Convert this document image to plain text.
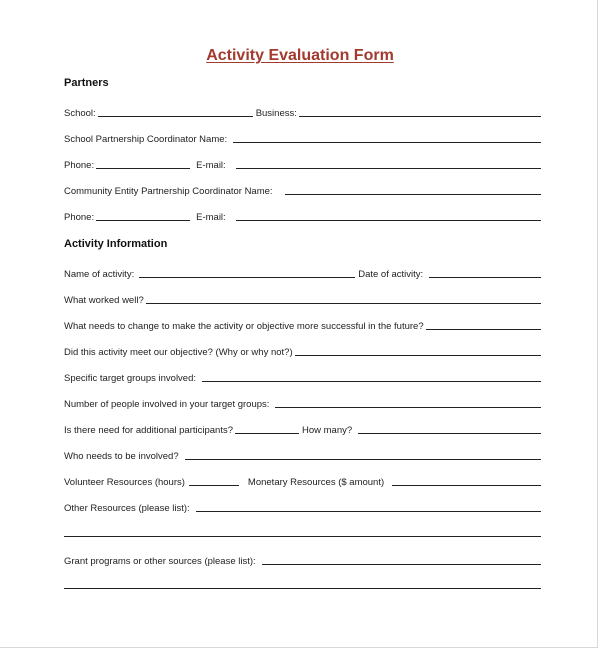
Activity Evaluation Form
Partners
School:	Business:
School Partnership Coordinator Name:
Phone:	E-mail:
Community Entity Partnership Coordinator Name:
Phone:	E-mail:
Activity Information
Name of activity:	Date of activity:
What worked well?
What needs to change to make the activity or objective more successful in the future?
Did this activity meet our objective? (Why or why not?)
Specific target groups involved:
Number of people involved in your target groups:
Is there need for additional participants?	How many?
Who needs to be involved?
Volunteer Resources (hours)	Monetary Resources ($ amount)
Other Resources (please list):
Grant programs or other sources (please list):
